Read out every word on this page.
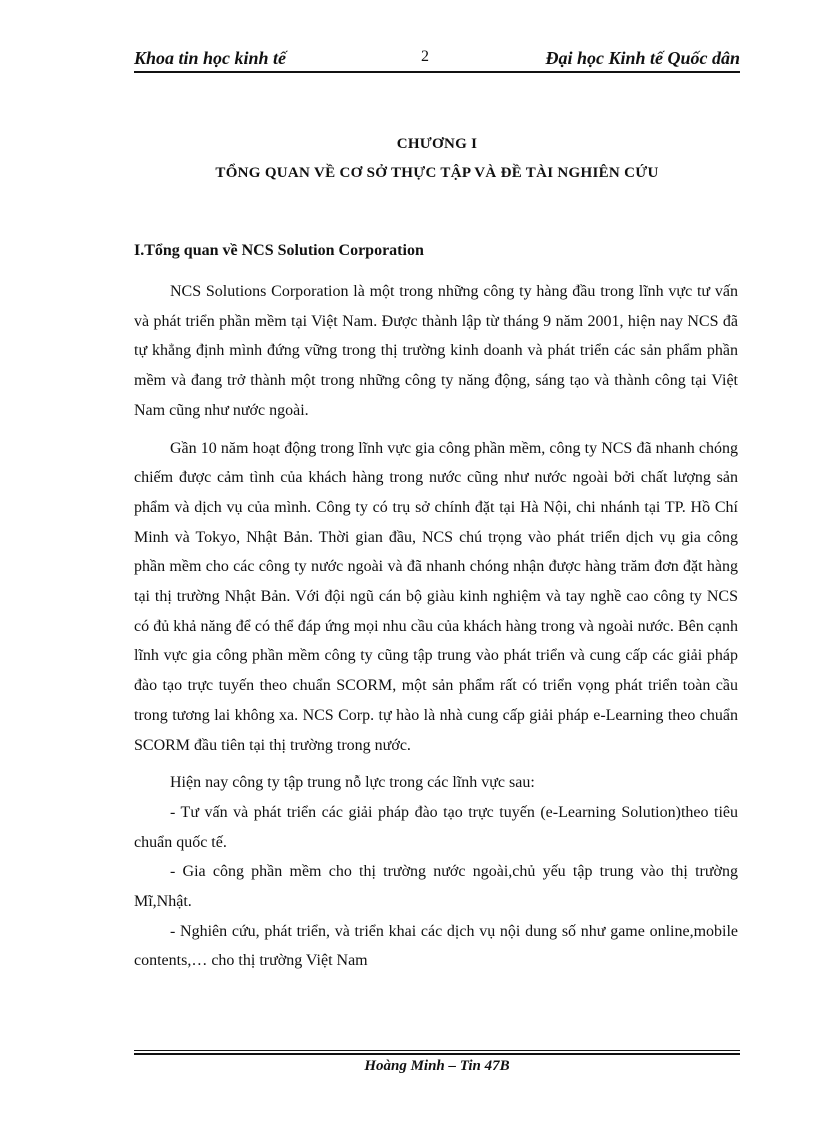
Khoa tin học kinh tế	2	Đại học Kinh tế Quốc dân
CHƯƠNG I
TỔNG QUAN VỀ CƠ SỞ THỰC TẬP VÀ ĐỀ TÀI NGHIÊN CỨU
I.Tổng quan về NCS Solution Corporation

NCS Solutions Corporation là một trong những công ty hàng đầu trong lĩnh vực tư vấn và phát triển phần mềm tại Việt Nam. Được thành lập từ tháng 9 năm 2001, hiện nay NCS đã tự khẳng định mình đứng vững trong thị trường kinh doanh và phát triển các sản phẩm phần mềm và đang trở thành một trong những công ty năng động, sáng tạo và thành công tại Việt Nam cũng như nước ngoài.

Gần 10 năm hoạt động trong lĩnh vực gia công phần mềm, công ty NCS đã nhanh chóng chiếm được cảm tình của khách hàng trong nước cũng như nước ngoài bởi chất lượng sản phẩm và dịch vụ của mình. Công ty có trụ sở chính đặt tại Hà Nội, chi nhánh tại TP. Hồ Chí Minh và Tokyo, Nhật Bản. Thời gian đầu, NCS chú trọng vào phát triển dịch vụ gia công phần mềm cho các công ty nước ngoài và đã nhanh chóng nhận được hàng trăm đơn đặt hàng tại thị trường Nhật Bản. Với đội ngũ cán bộ giàu kinh nghiệm và tay nghề cao công ty NCS có đủ khả năng để có thể đáp ứng mọi nhu cầu của khách hàng trong và ngoài nước. Bên cạnh lĩnh vực gia công phần mềm công ty cũng tập trung vào phát triển và cung cấp các giải pháp đào tạo trực tuyến theo chuẩn SCORM, một sản phẩm rất có triển vọng phát triển toàn cầu trong tương lai không xa. NCS Corp. tự hào là nhà cung cấp giải pháp e-Learning theo chuẩn SCORM đầu tiên tại thị trường trong nước.

Hiện nay công ty tập trung nỗ lực trong các lĩnh vực sau:

- Tư vấn và phát triển các giải pháp đào tạo trực tuyến (e-Learning Solution)theo tiêu chuẩn quốc tế.

- Gia công phần mềm cho thị trường nước ngoài,chủ yếu tập trung vào thị trường Mĩ,Nhật.

- Nghiên cứu, phát triển, và triển khai các dịch vụ nội dung số như game online,mobile contents,… cho thị trường Việt Nam

Hoàng Minh – Tin 47B
